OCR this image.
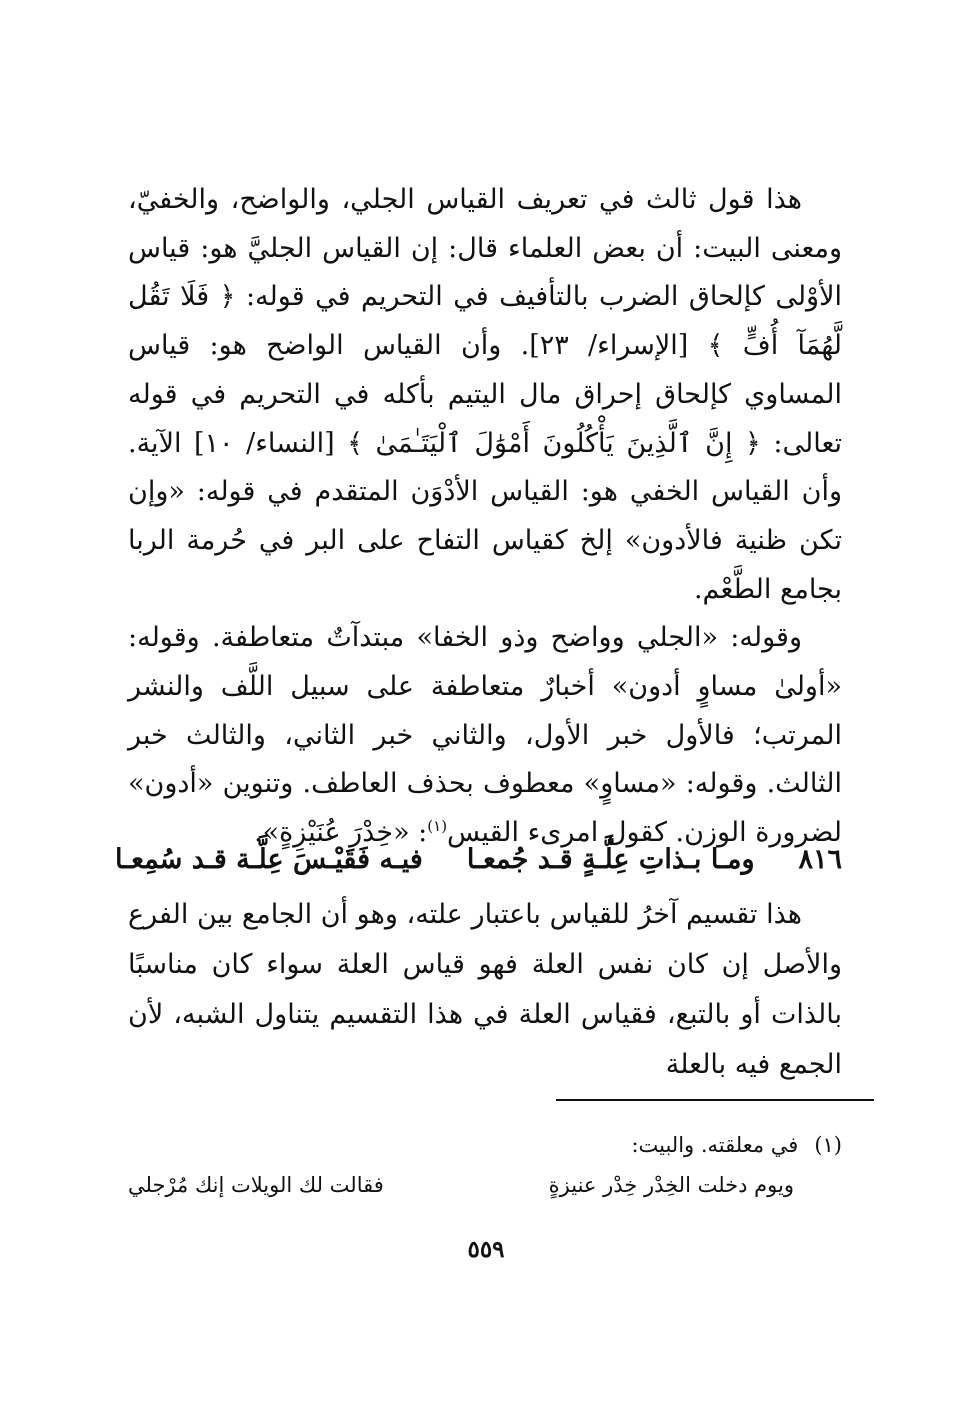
هذا قول ثالث في تعريف القياس الجلي، والواضح، والخفيّ، ومعنى البيت: أن بعض العلماء قال: إن القياس الجليَّ هو: قياس الأوْلى كإلحاق الضرب بالتأفيف في التحريم في قوله: ﴿ فَلَا تَقُل لَّهُمَآ أُفٍّ ﴾ [الإسراء/ ٢٣]. وأن القياس الواضح هو: قياس المساوي كإلحاق إحراق مال اليتيم بأكله في التحريم في قوله تعالى: ﴿ إِنَّ ٱلَّذِينَ يَأْكُلُونَ أَمْوَٰلَ ٱلْيَتَـٰمَىٰ ﴾ [النساء/ ١٠] الآية. وأن القياس الخفي هو: القياس الأدْوَن المتقدم في قوله: «وإن تكن ظنية فالأدون» إلخ كقياس التفاح على البر في حُرمة الربا بجامع الطَّعْم.

وقوله: «الجلي وواضح وذو الخفا» مبتدآتٌ متعاطفة. وقوله: «أولىٰ مساوٍ أدون» أخبارٌ متعاطفة على سبيل اللَّف والنشر المرتب؛ فالأول خبر الأول، والثاني خبر الثاني، والثالث خبر الثالث. وقوله: «مساوٍ» معطوف بحذف العاطف. وتنوين «أدون» لضرورة الوزن. كقول امرىء القيس$^{(١)}$: «خِدْرَ عُنَيْزِةٍ».

٨١٦
ومـا بـذاتِ عِلَّـةٍ قـد جُمعـا
فيـه فَقَيْـسَ عِلَّـة قـد سُمِعـا

هذا تقسيم آخرُ للقياس باعتبار علته، وهو أن الجامع بين الفرع والأصل إن كان نفس العلة فهو قياس العلة سواء كان مناسبًا بالذات أو بالتبع، فقياس العلة في هذا التقسيم يتناول الشبه، لأن الجمع فيه بالعلة

(١)في معلقته. والبيت:
ويوم دخلت الخِدْر خِدْر عنيزةٍ
فقالت لك الويلات إنك مُرْجلي
٥٥٩
